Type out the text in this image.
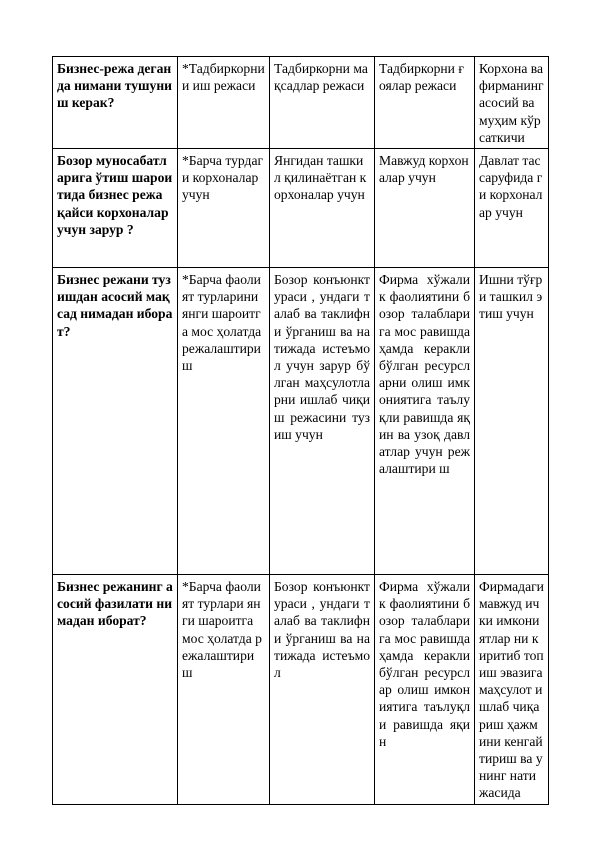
Бизнес-режа деганда нимани тушуниш керак?	*Тадбиркорни и иш режаси	Тадбиркорни мақсадлар режаси	Тадбиркорни ғоялар режаси	Корхона ва фирманинг асосий ва муҳим кўрсаткичи
Бозор муносабатларига ўтиш шароитида бизнес режа қайси корхоналар учун зарур ?	*Барча турдаги корхоналар учун	Янгидан ташкил қилинаётган корхоналар учун	Мавжуд корхоналар учун	Давлат тассаруфида ги корхоналар учун
Бизнес режани тузишдан асосий мақсад нимадан иборат?	*Барча фаолият турларини янги шароитга мос ҳолатда режалаштири ш	Бозор конъюнктураси , ундаги талаб ва таклифни ўрганиш ва натижада истеъмол учун зарур бўлган маҳсулотларни ишлаб чиқиш режасини тузиш учун	Фирма хўжалик фаолиятини бозор талабларига мос равишда ҳамда кeракли бўлган ресурсларни олиш имкониятига таълуқли равишда яқин ва узоқ давлатлар учун режалаштири ш	Ишни тўғри ташкил этиш учун
Бизнес режанинг асосий фазилати нимадан иборат?	*Барча фаолият турлари янги шароитга мос ҳолатда режалаштири ш	Бозор конъюнктураси , ундаги талаб ва таклифни ўрганиш ва натижада истеъмол	Фирма хўжалик фаолиятини бозор талабларига мос равишда ҳамда кeракли бўлган ресурслар олиш имкониятига таълуқли равишда яқин	Фирмадаги мавжуд ички имкониятлар ни киритиб топиш эвазига маҳсулот ишлаб чиқариш ҳажмини кенгайтириш ва унинг натижасида
